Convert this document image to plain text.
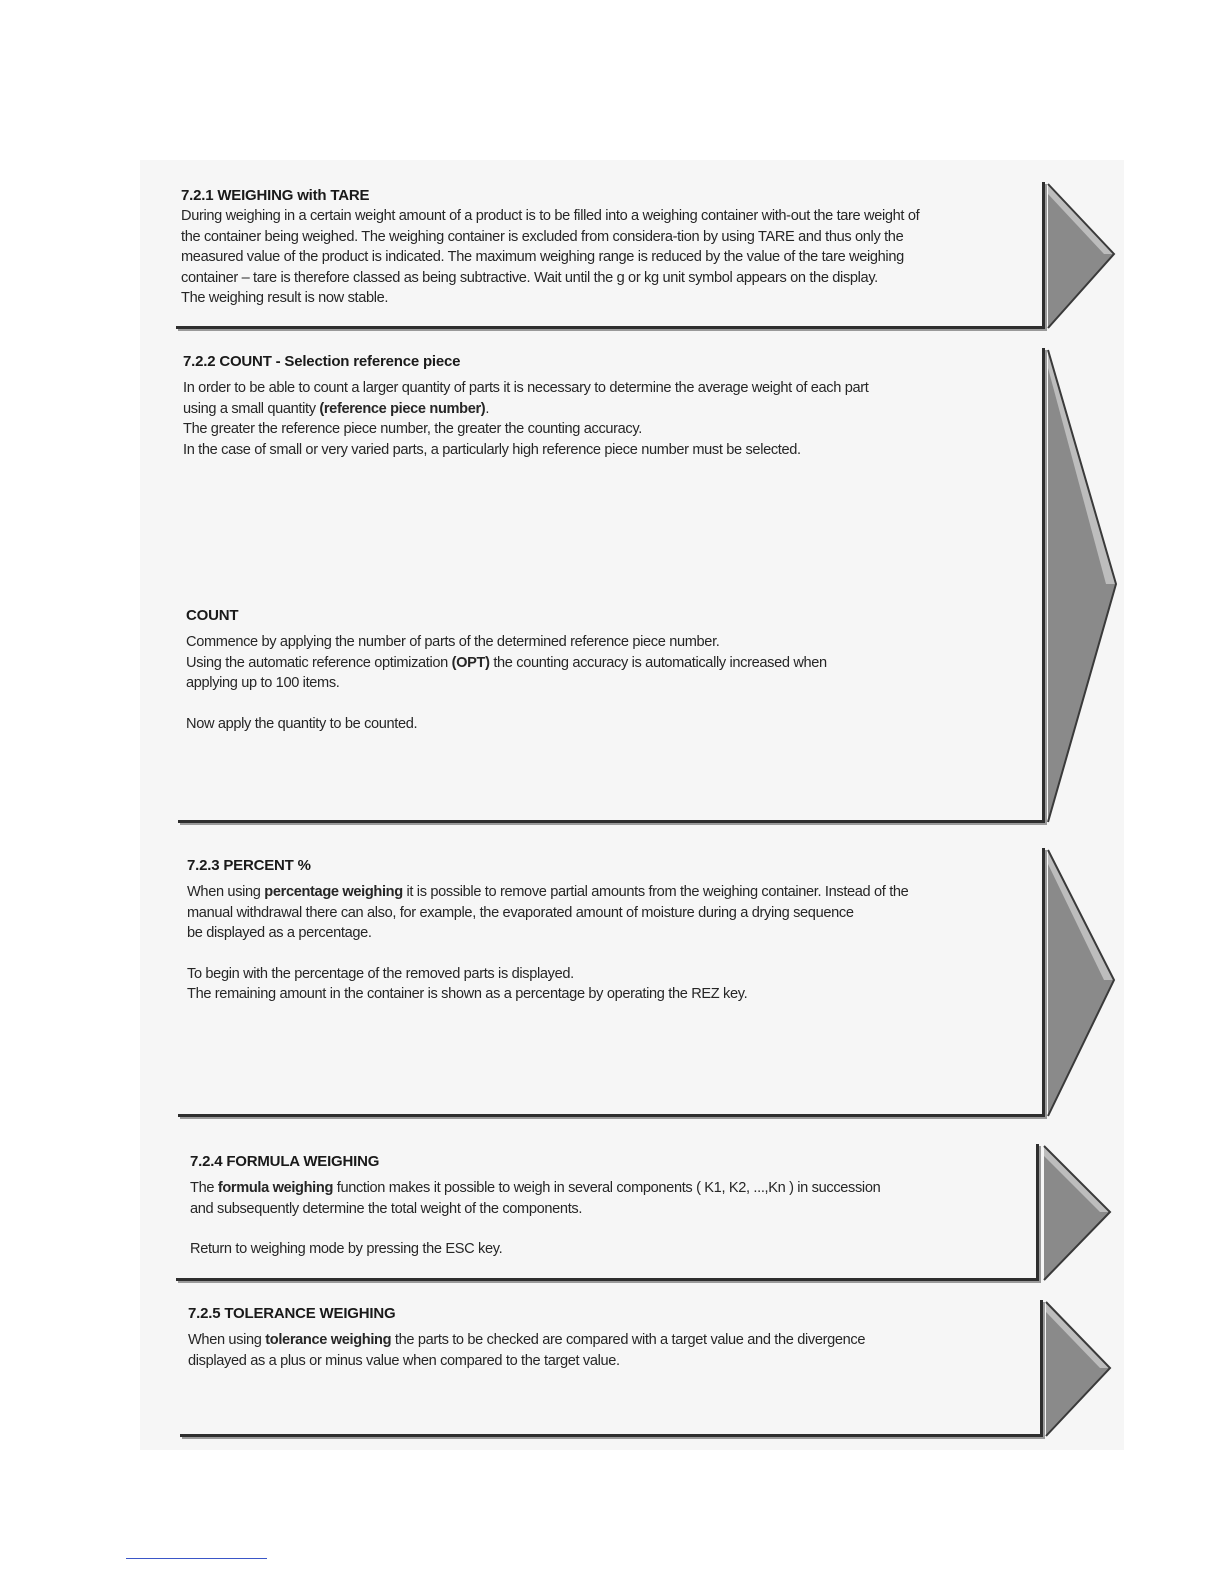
7.2.1 WEIGHING with TARE

During weighing in a certain weight amount of a product is to be filled into a weighing container with-out the tare weight of

the container being weighed. The weighing container is excluded from considera-tion by using TARE and thus only the

measured value of the product is indicated. The maximum weighing range is reduced by the value of the tare weighing

container – tare is therefore classed as being subtractive. Wait until the g or kg unit symbol appears on the display.

The weighing result is now stable.

7.2.2 COUNT - Selection reference piece

In order to be able to count a larger quantity of parts it is necessary to determine the average weight of each part

using a small quantity (reference piece number).

The greater the reference piece number, the greater the counting accuracy.

In the case of small or very varied parts, a particularly high reference piece number must be selected.

COUNT

Commence by applying the number of parts of the determined reference piece number.

Using the automatic reference optimization (OPT) the counting accuracy is automatically increased when

applying up to 100 items.

Now apply the quantity to be counted.

7.2.3 PERCENT %

When using percentage weighing it is possible to remove partial amounts from the weighing container. Instead of the

manual withdrawal there can also, for example, the evaporated amount of moisture during a drying sequence

be displayed as a percentage.

To begin with the percentage of the removed parts is displayed.

The remaining amount in the container is shown as a percentage by operating the REZ key.

7.2.4 FORMULA WEIGHING

The formula weighing function makes it possible to weigh in several components ( K1, K2, ...,Kn ) in succession

and subsequently determine the total weight of the components.

Return to weighing mode by pressing the ESC key.

7.2.5 TOLERANCE WEIGHING

When using tolerance weighing the parts to be checked are compared with a target value and the divergence

displayed as a plus or minus value when compared to the target value.
